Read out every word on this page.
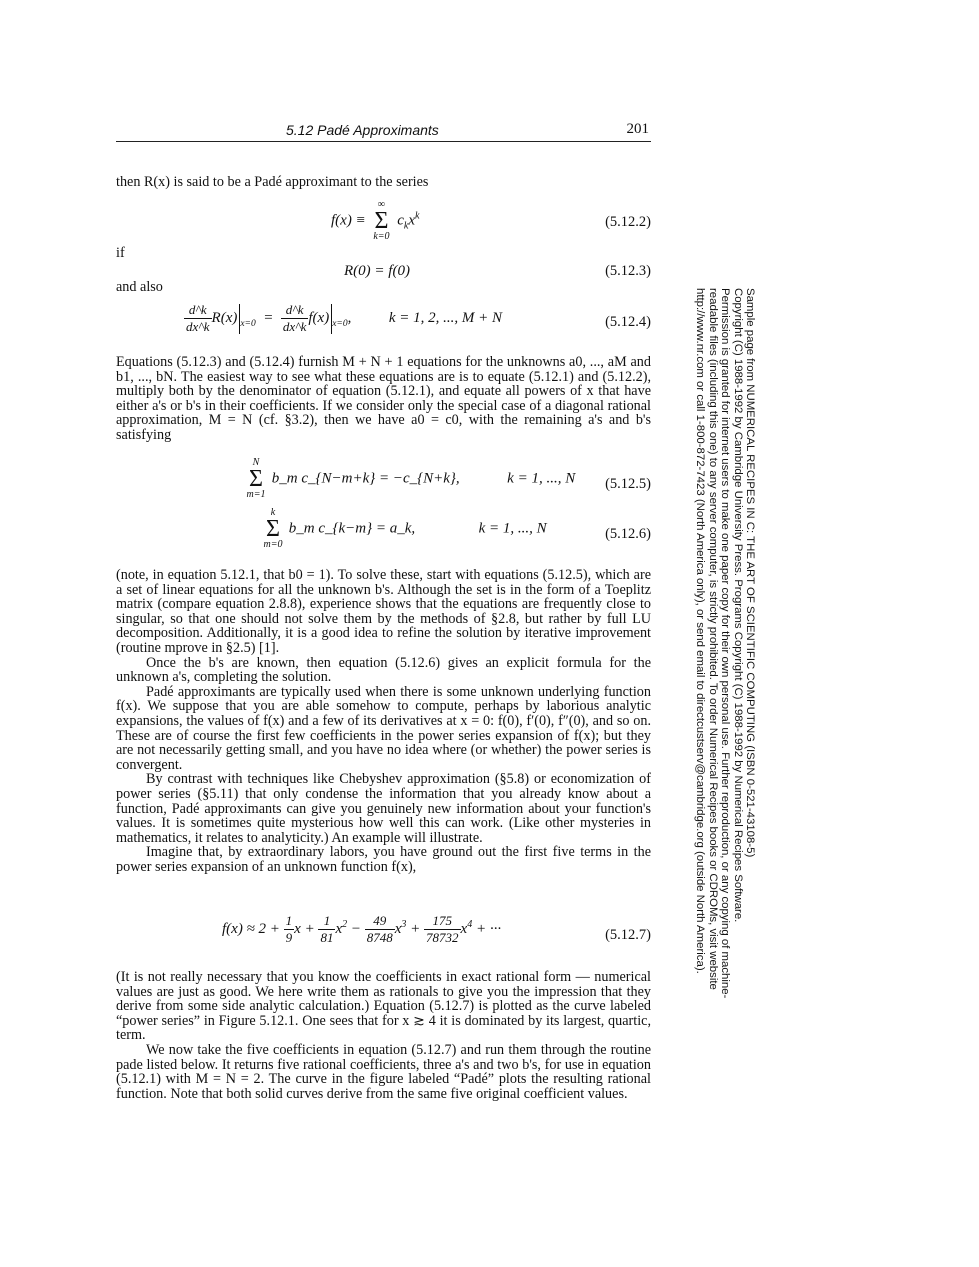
5.12 Padé Approximants	201

then R(x) is said to be a Padé approximant to the series

f(x) ≡
∞
Σ
k=0
$c_kx^k$	(5.12.2)

if

R(0) = f(0)	(5.12.3)

and also

$\frac{d\^{}k}{dx\^{}k} R(x) _{x=0} = \frac{d\^{}k}{dx\^{}k} f(x)$ $_{x=0}$,  k = 1, 2, ..., M + N	(5.12.4)

Equations (5.12.3) and (5.12.4) furnish M + N + 1 equations for the unknowns a0, ..., aM and b1, ..., bN. The easiest way to see what these equations are is to equate (5.12.1) and (5.12.2), multiply both by the denominator of equation (5.12.1), and equate all powers of x that have either a's or b's in their coefficients. If we consider only the special case of a diagonal rational approximation, M = N (cf. §3.2), then we have a0 = c0, with the remaining a's and b's satisfying

N
Σ
m=1
b_m c_{N−m+k} = −c_{N+k},	k = 1, ..., N (5.12.5)
k
Σ
m=0
b_m c_{k−m} = a_k,	k = 1, ..., N	(5.12.6)

(note, in equation 5.12.1, that b0 = 1). To solve these, start with equations (5.12.5), which are a set of linear equations for all the unknown b's. Although the set is in the form of a Toeplitz matrix (compare equation 2.8.8), experience shows that the equations are frequently close to singular, so that one should not solve them by the methods of §2.8, but rather by full LU decomposition. Additionally, it is a good idea to refine the solution by iterative improvement (routine mprove in §2.5) [1].

Once the b's are known, then equation (5.12.6) gives an explicit formula for the unknown a's, completing the solution.

Padé approximants are typically used when there is some unknown underlying function f(x). We suppose that you are able somehow to compute, perhaps by laborious analytic expansions, the values of f(x) and a few of its derivatives at x = 0: f(0), f′(0), f″(0), and so on. These are of course the first few coefficients in the power series expansion of f(x); but they are not necessarily getting small, and you have no idea where (or whether) the power series is convergent.

By contrast with techniques like Chebyshev approximation (§5.8) or economization of power series (§5.11) that only condense the information that you already know about a function, Padé approximants can give you genuinely new information about your function's values. It is sometimes quite mysterious how well this can work. (Like other mysteries in mathematics, it relates to analyticity.) An example will illustrate.

Imagine that, by extraordinary labors, you have ground out the first five terms in the power series expansion of an unknown function f(x),

$f(x) \approx 2 + \frac{1}{9}$ $x + \frac{1}{81} x^2 - \frac{49}{8748} x^3 + \frac{175}{78732} x^4$ + ···	(5.12.7)

(It is not really necessary that you know the coefficients in exact rational form — numerical values are just as good. We here write them as rationals to give you the impression that they derive from some side analytic calculation.) Equation (5.12.7) is plotted as the curve labeled “power series” in Figure 5.12.1. One sees that for x ≳ 4 it is dominated by its largest, quartic, term.

We now take the five coefficients in equation (5.12.7) and run them through the routine pade listed below. It returns five rational coefficients, three a's and two b's, for use in equation (5.12.1) with M = N = 2. The curve in the figure labeled “Padé” plots the resulting rational function. Note that both solid curves derive from the same five original coefficient values.

Sample page from NUMERICAL RECIPES IN C: THE ART OF SCIENTIFIC COMPUTING (ISBN 0-521-43108-5)
Copyright (C) 1988-1992 by Cambridge University Press. Programs Copyright (C) 1988-1992 by Numerical Recipes Software.
Permission is granted for internet users to make one paper copy for their own personal use. Further reproduction, or any copying of machine-
readable files (including this one) to any server computer, is strictly prohibited. To order Numerical Recipes books or CDROMs, visit website
http://www.nr.com or call 1-800-872-7423 (North America only), or send email to directcustserv@cambridge.org (outside North America).
